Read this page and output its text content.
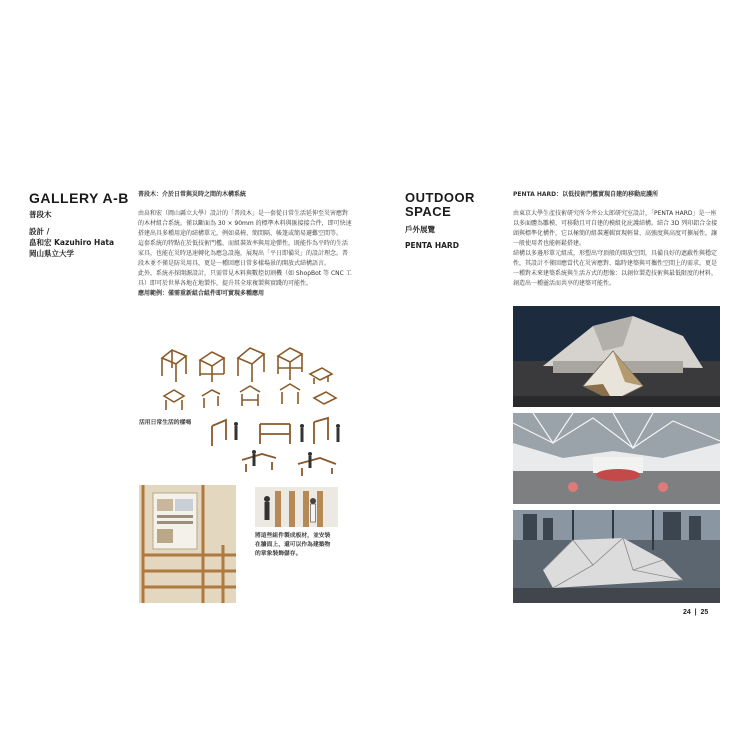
GALLERY A-B
普段木
設計 /
畠和宏 Kazuhiro Hata
岡山県立大学
普段木：介於日常與災時之間的木構系統
由畠和宏（岡山縣立大學）設計的「普段木」是一套從日常生活延伸至災害應對的木材組合系統。僅以斷面為 30 × 90mm 的標準木料與匯接接合件，即可快速搭建出具多種用途的結構單元，例如桌椅、簡間隔、帳篷或簡易避難空間等。
這套系統的特點在於低技術門檻，而組裝效率與用途彈性，既能作為平時的生活家具，也能在災時迅速轉化為應急設施，展現出「平日即備災」的設計理念。普段木並不僅是防災用具，更是一種回應日常多樣場景的開放式結構語言。
此外，系統亦採開源設計，只需常見木料與數控切割機（如 ShopBot 等 CNC 工具）即可於世界各地在地製作，提升其全球複製與實踐的可能性。
應用範例：僅需重新組合組件即可實現多種應用
活用日常生活的樣嗎
將這些組件製成板材，並安裝在牆面上，還可以作為建築物的章象裝飾儲存。
OUTDOOR
SPACE
戶外展覽
PENTA HARD
PENTA HARD：以低技術門檻實現自建的移動庇護所
由東京大學生產技術研究所今井公太郎研究室設計，「PENTA HARD」是一座以多面體為雛模、可移動且可自建的模組化庇護結構。結合 3D 列印鋁合金接頭與標準化構件，它以極簡的組裝邏輯實現輕量、高強度與高度可擴展性，讓一般使用者也能輕鬆搭建。
結構以多邊形單元組成，形塑出穹頂般的開放空間，具備良好的遮蔽性與穩定性，其設計不僅回應當代在災害應對、臨時建築與可攜性空間上的需求，更是一種對未來建築系統與生活方式的想像：以創位製造技術與最低限度的材料，創造出一種靈活而共享的建築可能性。
24  |  25
